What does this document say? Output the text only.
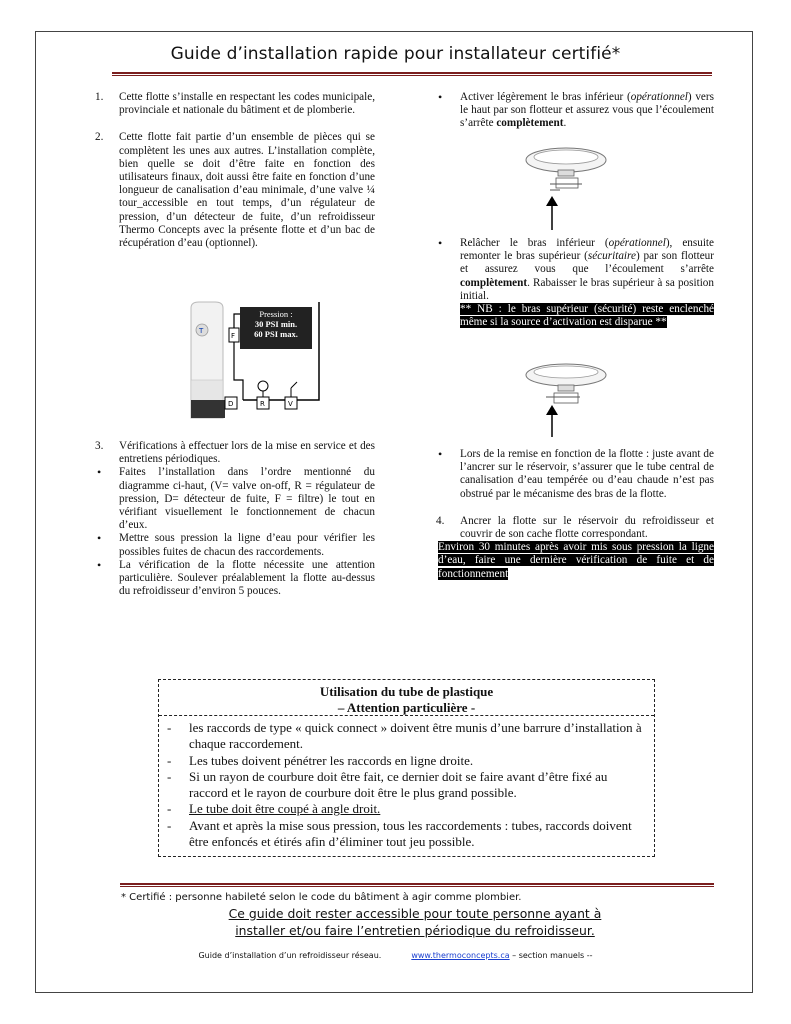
Guide d’installation rapide pour installateur certifié*
1. Cette flotte s’installe en respectant les codes municipale, provinciale et nationale du bâtiment et de plomberie.
2. Cette flotte fait partie d’un ensemble de pièces qui se complètent les unes aux autres. L’installation complète, bien quelle se doit d’être faite en fonction des utilisateurs finaux, doit aussi être faite en fonction d’une longueur de canalisation d’eau minimale, d’une valve ¼ tour_accessible en tout temps, d’un régulateur de pression, d’un détecteur de fuite, d’un refroidisseur Thermo Concepts avec la présente flotte et d’un bac de récupération d’eau (optionnel).
T
F
D	R	V
Pression :
30 PSI min.
60 PSI max.
3. Vérifications à effectuer lors de la mise en service et des entretiens périodiques.
• Faites l’installation dans l’ordre mentionné du diagramme ci-haut, (V= valve on-off, R = régulateur de pression, D= détecteur de fuite, F = filtre) le tout en vérifiant visuellement le fonctionnement de chacun d’eux.
• Mettre sous pression la ligne d’eau pour vérifier les possibles fuites de chacun des raccordements.
• La vérification de la flotte nécessite une attention particulière. Soulever préalablement la flotte au-dessus du refroidisseur d’environ 5 pouces.
• Activer légèrement le bras inférieur (opérationnel) vers le haut par son flotteur et assurez vous que l’écoulement s’arrête complètement.
• Relâcher le bras inférieur (opérationnel), ensuite remonter le bras supérieur (sécuritaire) par son flotteur et assurez vous que l’écoulement s’arrête complètement. Rabaisser le bras supérieur à sa position initial.
** NB : le bras supérieur (sécurité) reste enclenché même si la source d’activation est disparue **
• Lors de la remise en fonction de la flotte : juste avant de l’ancrer sur le réservoir, s’assurer que le tube central de canalisation d’eau tempérée ou d’eau chaude n’est pas obstrué par le mécanisme des bras de la flotte.
4. Ancrer la flotte sur le réservoir du refroidisseur et couvrir de son cache flotte correspondant.
Environ 30 minutes après avoir mis sous pression la ligne d’eau, faire une dernière vérification de fuite et de fonctionnement
Utilisation du tube de plastique
– Attention particulière -
- les raccords de type « quick connect » doivent être munis d’une barrure d’installation à chaque raccordement.
- Les tubes doivent pénétrer les raccords en ligne droite.
- Si un rayon de courbure doit être fait, ce dernier doit se faire avant d’être fixé au raccord et le rayon de courbure doit être le plus grand possible.
- Le tube doit être coupé à angle droit.
- Avant et après la mise sous pression, tous les raccordements : tubes, raccords doivent être enfoncés et étirés afin d’éliminer tout jeu possible.
* Certifié : personne habileté selon le code du bâtiment à agir comme plombier.
Ce guide doit rester accessible pour toute personne ayant à
installer et/ou faire l’entretien périodique du refroidisseur.
Guide d’installation d’un refroidisseur réseau.	www.thermoconcepts.ca – section manuels --
